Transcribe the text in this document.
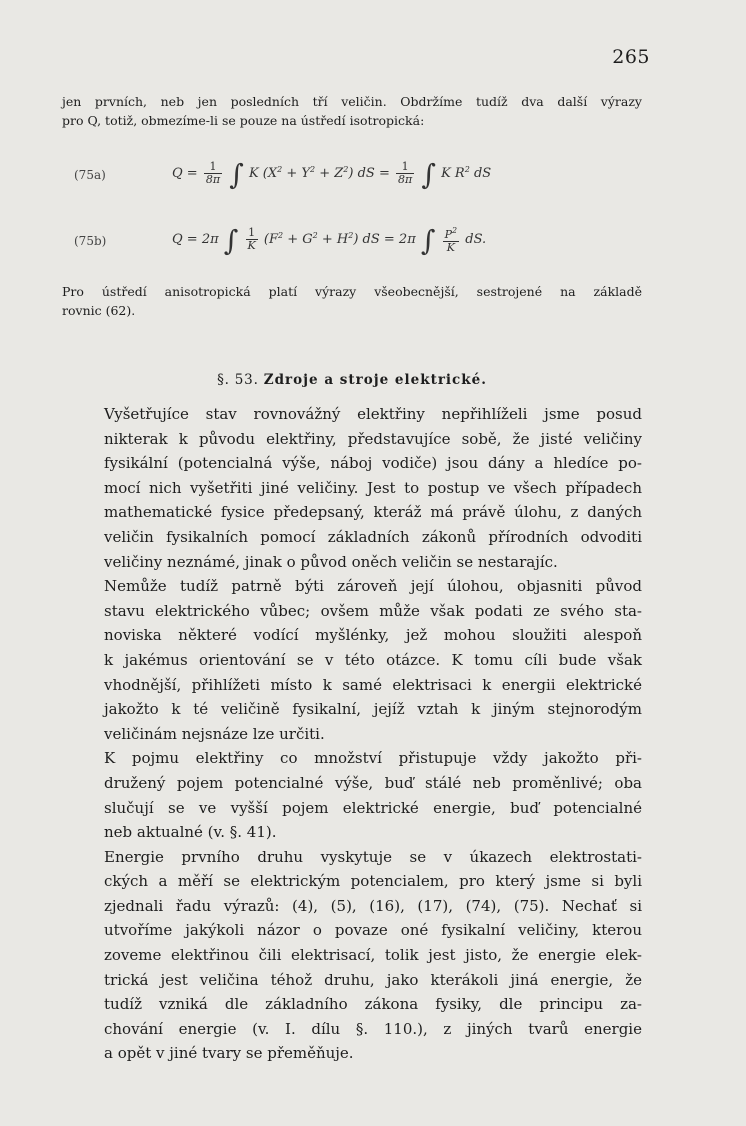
265
jen prvních, neb jen posledních tří veličin. Obdržíme tudíž dva další výrazy
pro Q, totiž, obmezíme-li se pouze na ústředí isotropická:
(75a)	$Q = \frac{1}{8\pi}$ ∫ K $(X^2 + Y^2 + Z^2)$ dS = $\frac{1}{8\pi}$ ∫ K $R^2$ dS
(75b)	Q = 2π ∫ $\frac{1}{K} (F^2 + G^2 + H^2)$ dS = 2π ∫ $\frac{P^2}{K}$ dS.
Pro ústředí anisotropická platí výrazy všeobecnější, sestrojené na základě
rovnic (62).
§. 53. Zdroje a stroje elektrické.

Vyšetřujíce stav rovnovážný elektřiny nepřihlíželi jsme posud
nikterak k původu elektřiny, představujíce sobě, že jisté veličiny
fysikální (potencialná výše, náboj vodiče) jsou dány a hledíce po-
mocí nich vyšetřiti jiné veličiny. Jest to postup ve všech případech
mathematické fysice předepsaný, kteráž má právě úlohu, z daných
veličin fysikalních pomocí základních zákonů přírodních odvoditi
veličiny neznámé, jinak o původ oněch veličin se nestarajíc.

Nemůže tudíž patrně býti zároveň její úlohou, objasniti původ
stavu elektrického vůbec; ovšem může však podati ze svého sta-
noviska některé vodící myšlénky, jež mohou sloužiti alespoň
k jakémus orientování se v této otázce. K tomu cíli bude však
vhodnější, přihlížeti místo k samé elektrisaci k energii elektrické
jakožto k té veličině fysikalní, jejíž vztah k jiným stejnorodým
veličinám nejsnáze lze určiti.

K pojmu elektřiny co množství přistupuje vždy jakožto při-
družený pojem potencialné výše, buď stálé neb proměnlivé; oba
slučují se ve vyšší pojem elektrické energie, buď potencialné
neb aktualné (v. §. 41).

Energie prvního druhu vyskytuje se v úkazech elektrostati-
ckých a měří se elektrickým potencialem, pro který jsme si byli
zjednali řadu výrazů: (4), (5), (16), (17), (74), (75). Nechať si
utvoříme jakýkoli názor o povaze oné fysikalní veličiny, kterou
zoveme elektřinou čili elektrisací, tolik jest jisto, že energie elek-
trická jest veličina téhož druhu, jako kterákoli jiná energie, že
tudíž vzniká dle základního zákona fysiky, dle principu za-
chování energie (v. I. dílu §. 110.), z jiných tvarů energie
a opět v jiné tvary se přeměňuje.
